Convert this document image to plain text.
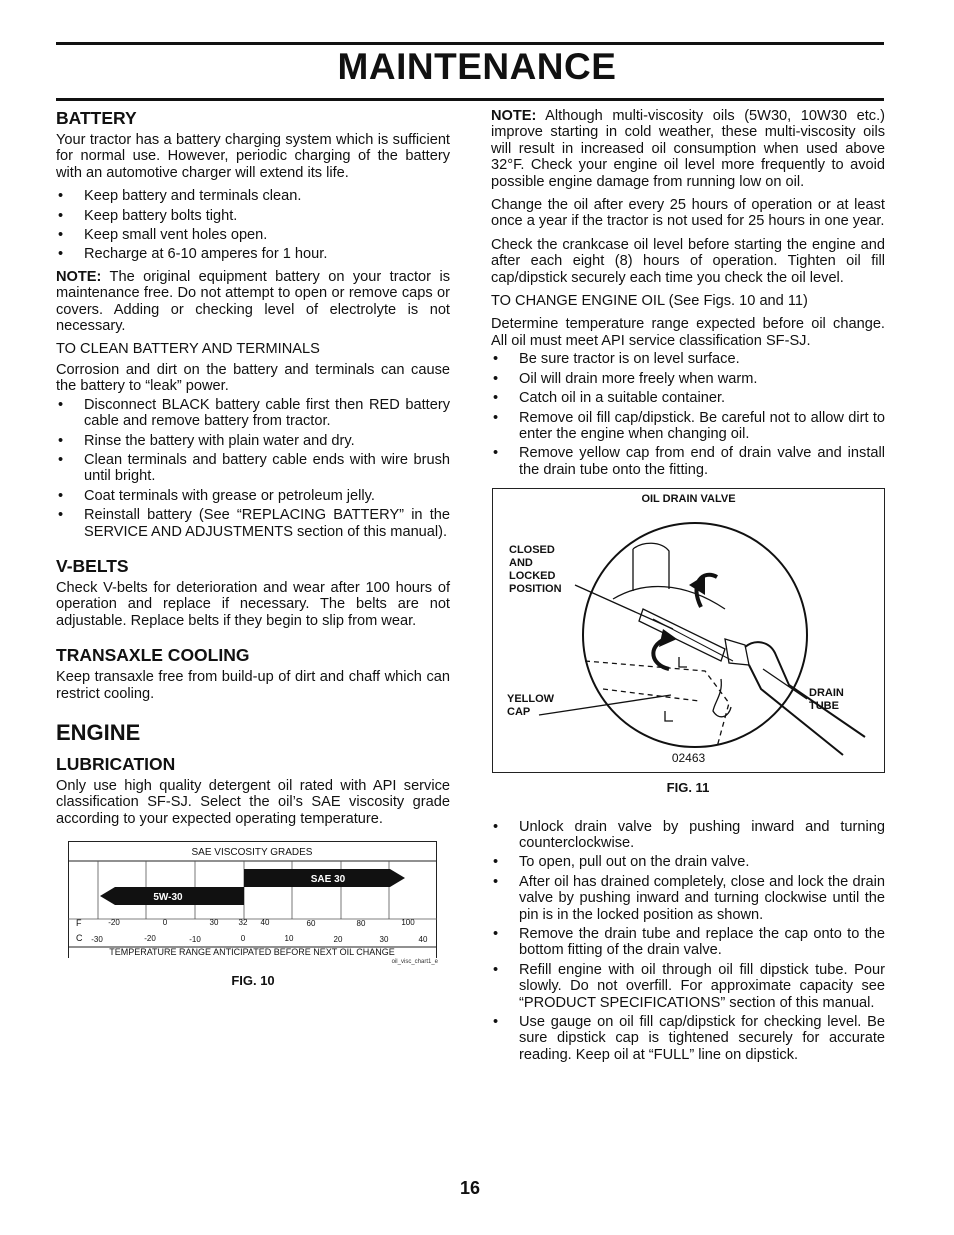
MAINTENANCE
BATTERY

Your tractor has a battery charging system which is sufficient for normal use. However, periodic charging of the battery with an automotive charger will extend its life.

• Keep battery and terminals clean.
• Keep battery bolts tight.
• Keep small vent holes open.
• Recharge at 6-10 amperes for 1 hour.

NOTE: The original equipment battery on your tractor is maintenance free. Do not attempt to open or remove caps or covers. Adding or checking level of electrolyte is not necessary.

TO CLEAN BATTERY AND TERMINALS

Corrosion and dirt on the battery and terminals can cause the battery to “leak” power.

• Disconnect BLACK battery cable first then RED battery cable and remove battery from tractor.
• Rinse the battery with plain water and dry.
• Clean terminals and battery cable ends with wire brush until bright.
• Coat terminals with grease or petroleum jelly.
• Reinstall battery (See “REPLACING BATTERY” in the SERVICE AND ADJUSTMENTS section of this manual).
V-BELTS

Check V-belts for deterioration and wear after 100 hours of operation and replace if necessary. The belts are not adjustable. Replace belts if they begin to slip from wear.

TRANSAXLE COOLING

Keep transaxle free from build-up of dirt and chaff which can restrict cooling.

ENGINE
LUBRICATION

Only use high quality detergent oil rated with API service classification SF-SJ. Select the oil’s SAE viscosity grade according to your expected operating temperature.

5W-30
SAE 30
SAE VISCOSITY GRADES
F
C
-20	0	30	32 40	60	80	100
-30	-20	-10	0	10	20	30	40
TEMPERATURE RANGE ANTICIPATED BEFORE NEXT OIL CHANGE
oil_visc_chart1_e
FIG. 10

NOTE: Although multi-viscosity oils (5W30, 10W30 etc.) improve starting in cold weather, these multi-viscosity oils will result in increased oil consumption when used above 32°F. Check your engine oil level more frequently to avoid possible engine damage from running low on oil.

Change the oil after every 25 hours of operation or at least once a year if the tractor is not used for 25 hours in one year.

Check the crankcase oil level before starting the engine and after each eight (8) hours of operation. Tighten oil fill cap/dipstick securely each time you check the oil level.

TO CHANGE ENGINE OIL (See Figs. 10 and 11)

Determine temperature range expected before oil change. All oil must meet API service classification SF-SJ.

• Be sure tractor is on level surface.
• Oil will drain more freely when warm.
• Catch oil in a suitable container.
• Remove oil fill cap/dipstick. Be careful not to allow dirt to enter the engine when changing oil.
• Remove yellow cap from end of drain valve and install the drain tube onto the fitting.
OIL DRAIN VALVE
CLOSED
AND
LOCKED
POSITION
YELLOW
CAP
DRAIN
TUBE
02463
FIG. 11
• Unlock drain valve by pushing inward and turning counterclockwise.
• To open, pull out on the drain valve.
• After oil has drained completely, close and lock the drain valve by pushing inward and turning clockwise until the pin is in the locked position as shown.
• Remove the drain tube and replace the cap onto to the bottom fitting of the drain valve.
• Refill engine with oil through oil fill dipstick tube. Pour slowly. Do not overfill. For approximate capacity see “PRODUCT SPECIFICATIONS” section of this manual.
• Use gauge on oil fill cap/dipstick for checking level. Be sure dipstick cap is tightened securely for accurate reading. Keep oil at “FULL” line on dipstick.
16
